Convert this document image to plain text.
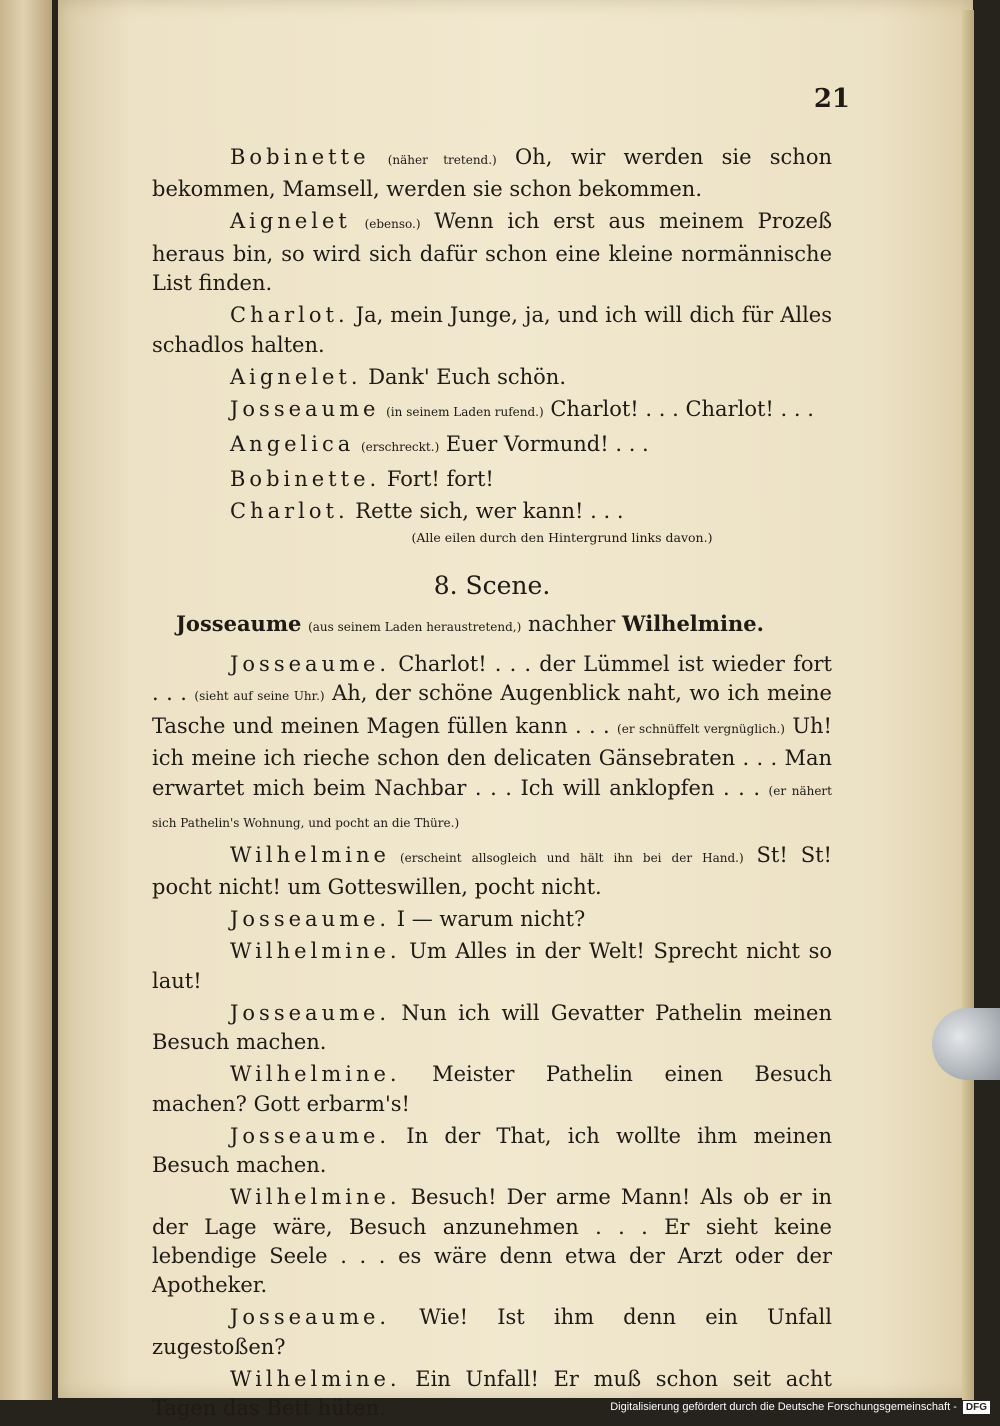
21

Bobinette (näher tretend.) Oh, wir werden sie schon bekommen, Mamsell, werden sie schon bekommen.

Aignelet (ebenso.) Wenn ich erst aus meinem Prozeß heraus bin, so wird sich dafür schon eine kleine normännische List finden.

Charlot. Ja, mein Junge, ja, und ich will dich für Alles schadlos halten.

Aignelet. Dank' Euch schön.

Josseaume (in seinem Laden rufend.) Charlot! . . . Charlot! . . .

Angelica (erschreckt.) Euer Vormund! . . .

Bobinette. Fort! fort!

Charlot. Rette sich, wer kann! . . .

(Alle eilen durch den Hintergrund links davon.)

8. Scene.

Josseaume (aus seinem Laden heraustretend,) nachher Wilhelmine.

Josseaume. Charlot! . . . der Lümmel ist wieder fort . . . (sieht auf seine Uhr.) Ah, der schöne Augenblick naht, wo ich meine Tasche und meinen Magen füllen kann . . . (er schnüffelt vergnüglich.) Uh! ich meine ich rieche schon den delicaten Gänsebraten . . . Man erwartet mich beim Nachbar . . . Ich will anklopfen . . . (er nähert sich Pathelin's Wohnung, und pocht an die Thüre.)

Wilhelmine (erscheint allsogleich und hält ihn bei der Hand.) St! St! pocht nicht! um Gotteswillen, pocht nicht.

Josseaume. I — warum nicht?

Wilhelmine. Um Alles in der Welt! Sprecht nicht so laut!

Josseaume. Nun ich will Gevatter Pathelin meinen Besuch machen.

Wilhelmine. Meister Pathelin einen Besuch machen? Gott erbarm's!

Josseaume. In der That, ich wollte ihm meinen Besuch machen.

Wilhelmine. Besuch! Der arme Mann! Als ob er in der Lage wäre, Besuch anzunehmen . . . Er sieht keine lebendige Seele . . . es wäre denn etwa der Arzt oder der Apotheker.

Josseaume. Wie! Ist ihm denn ein Unfall zugestoßen?

Wilhelmine. Ein Unfall! Er muß schon seit acht Tagen das Bett hüten.	Digitalisierung gefördert durch die Deutsche Forschungsgemeinschaft - DFG
